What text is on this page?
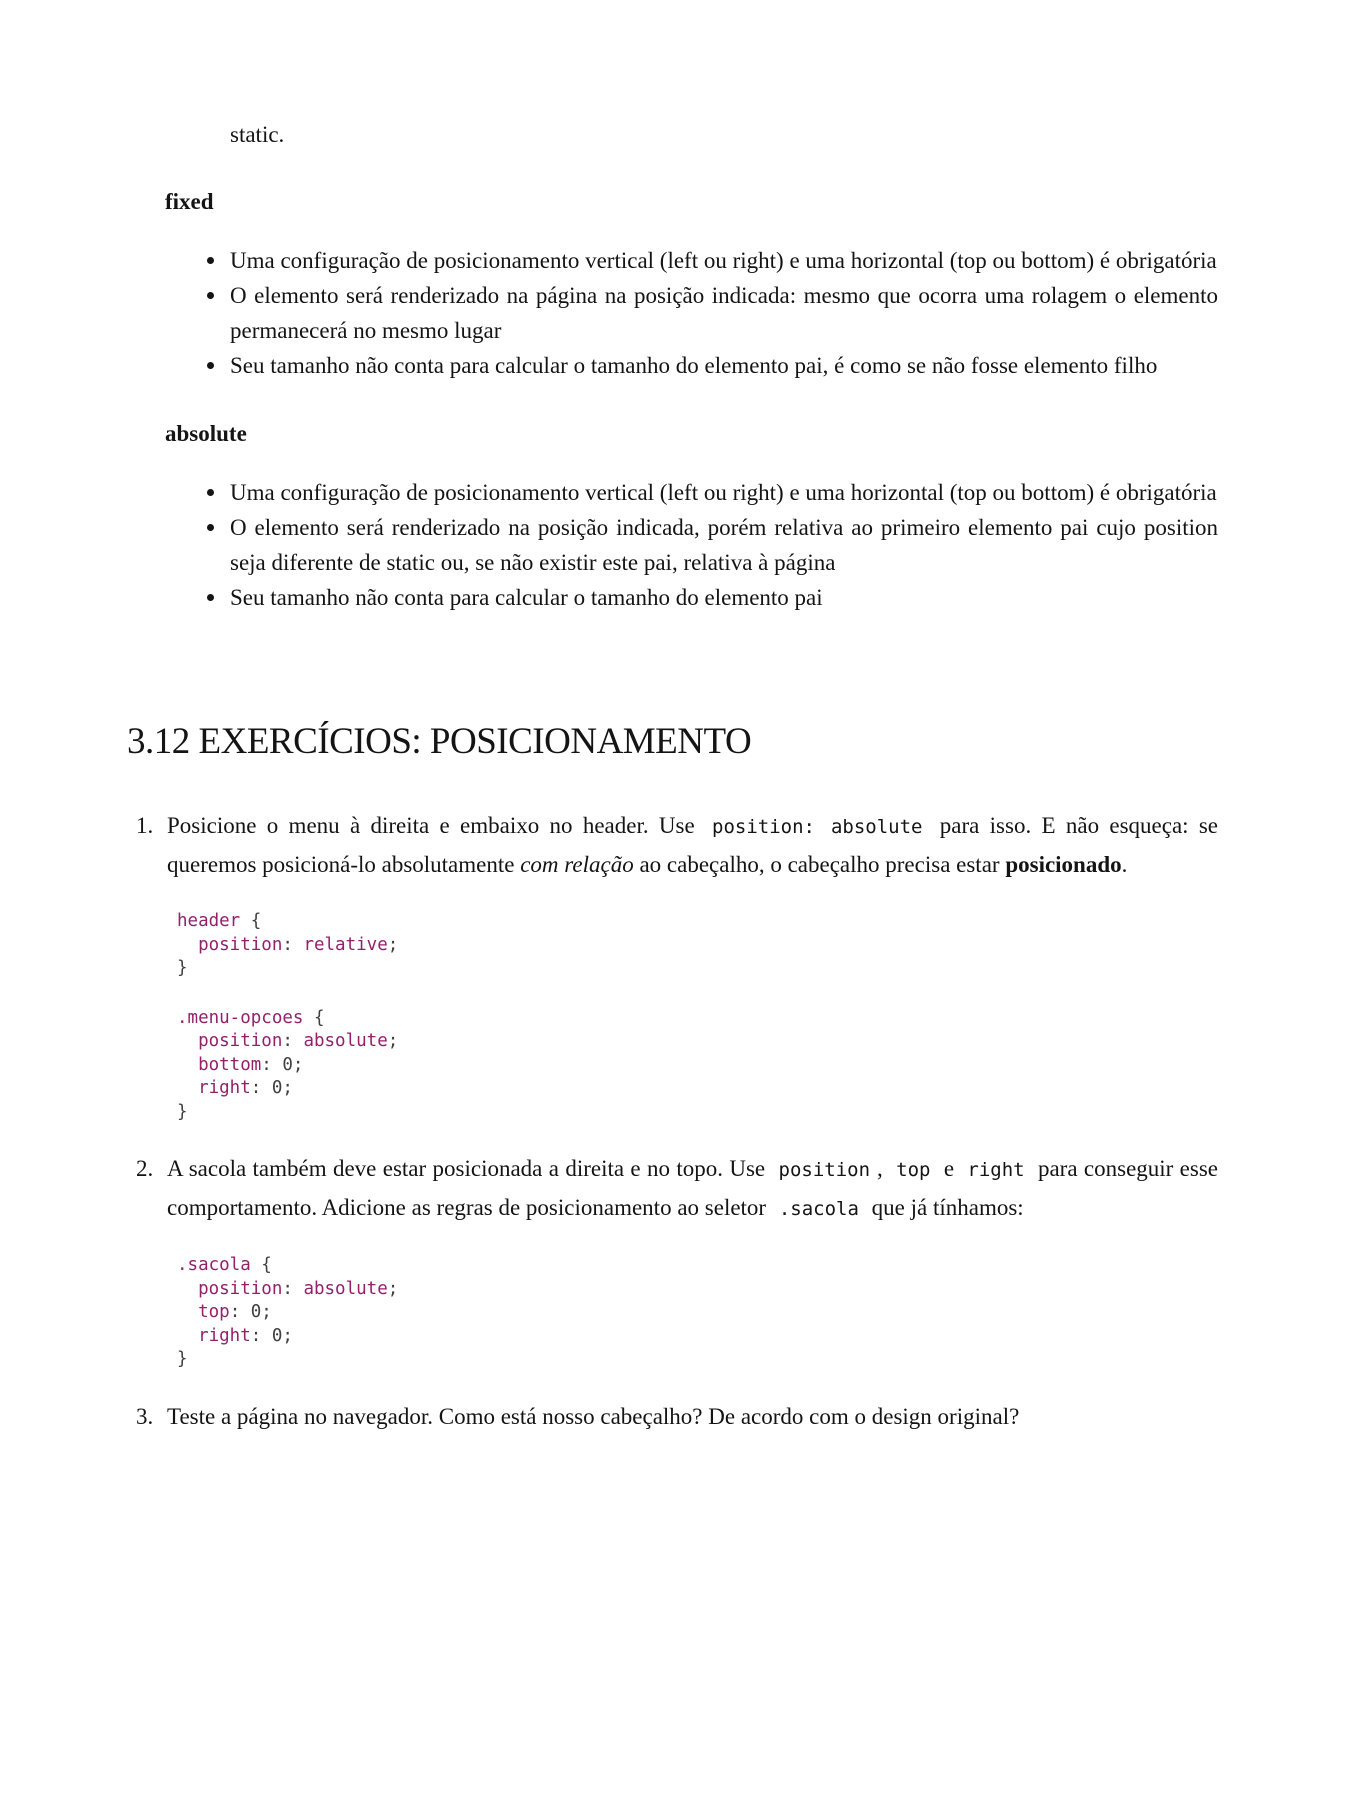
static.

fixed
Uma configuração de posicionamento vertical (left ou right) e uma horizontal (top ou bottom) é obrigatória
O elemento será renderizado na página na posição indicada: mesmo que ocorra uma rolagem o elemento permanecerá no mesmo lugar
Seu tamanho não conta para calcular o tamanho do elemento pai, é como se não fosse elemento filho
absolute
Uma configuração de posicionamento vertical (left ou right) e uma horizontal (top ou bottom) é obrigatória
O elemento será renderizado na posição indicada, porém relativa ao primeiro elemento pai cujo position seja diferente de static ou, se não existir este pai, relativa à página
Seu tamanho não conta para calcular o tamanho do elemento pai
3.12 EXERCÍCIOS: POSICIONAMENTO
1. Posicione o menu à direita e embaixo no header. Use position: absolute para isso. E não esqueça: se queremos posicioná-lo absolutamente com relação ao cabeçalho, o cabeçalho precisa estar posicionado.

header {
position: relative;
}
.menu-opcoes {
position: absolute;
bottom: 0;
right: 0;
}
2. A sacola também deve estar posicionada a direita e no topo. Use position , top e right para conseguir esse comportamento. Adicione as regras de posicionamento ao seletor .sacola que já tínhamos:

.sacola {
position: absolute;
top: 0;
right: 0;
}
3. Teste a página no navegador. Como está nosso cabeçalho? De acordo com o design original?
